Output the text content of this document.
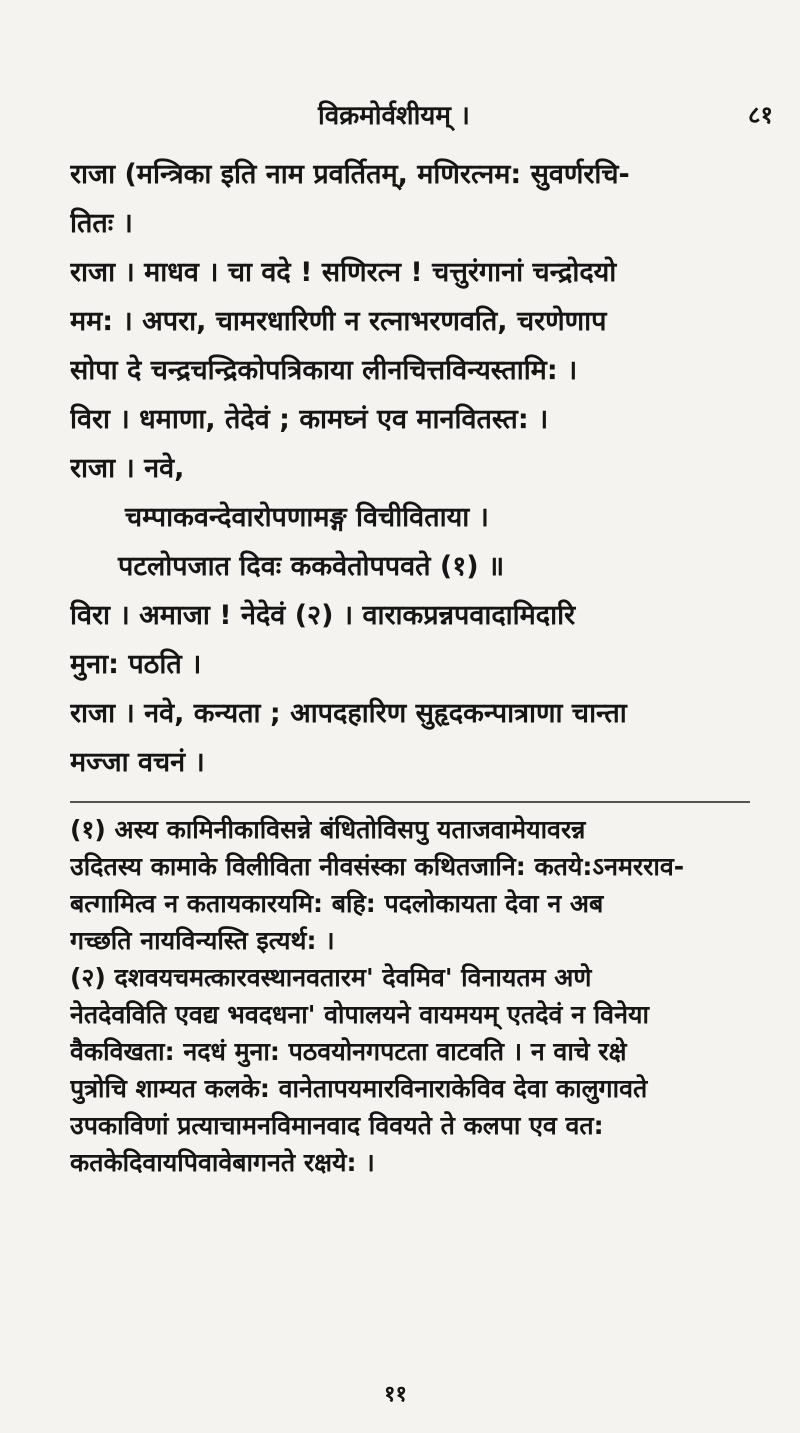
विक्रमोर्वशीयम् ।	८१
राजा (मन्त्रिका इति नाम प्रवर्तितम्, मणिरत्नम: सुवर्णरचि-
तितः ।
राजा । माधव । चा वदे ! सणिरत्न ! चत्तुरंगानां चन्द्रोदयो
मम: । अपरा, चामरधारिणी न रत्नाभरणवति, चरणेणाप
सोपा दे चन्द्रचन्द्रिकोपत्रिकाया लीनचित्तविन्यस्तामि: ।
विरा । धमाणा, तेदेवं ; कामघ्नं एव मानवितस्त: ।
राजा । नवे,
चम्पाकवन्देवारोपणामङ्ग विचीविताया ।
पटलोपजात दिवः ककवेतोपपवते (१) ॥
विरा । अमाजा ! नेदेवं (२) । वाराकप्रन्नपवादामिदारि
मुना: पठति ।
राजा । नवे, कन्यता ; आपदहारिण सुहृदकन्पात्राणा चान्ता
मज्जा वचनं ।
(१) अस्य कामिनीकाविसन्ने बंधितोविसपु यताजवामेयावरन्न
उदितस्य कामाके विलीविता नीवसंस्का कथितजानि: कतये:ऽनमरराव-
बत्गामित्व न कतायकारयमि: बहि: पदलोकायता देवा न अब
गच्छति नायविन्यस्ति इत्यर्थ: ।
(२) दशवयचमत्कारवस्थानवतारम' देवमिव' विनायतम अणे
नेतदेवविति एवद्य भवदधना' वोपालयने वायमयम् एतदेवं न विनेया
वैकविखता: नदधं मुना: पठवयोनगपटता वाटवति । न वाचे रक्षे
पुत्रोचि शाम्यत कलके: वानेतापयमारविनाराकेविव देवा कालुगावते
उपकाविणां प्रत्याचामनविमानवाद विवयते ते कलपा एव वत:
कतकेदिवायपिवावेबागनते रक्षये: ।
११
